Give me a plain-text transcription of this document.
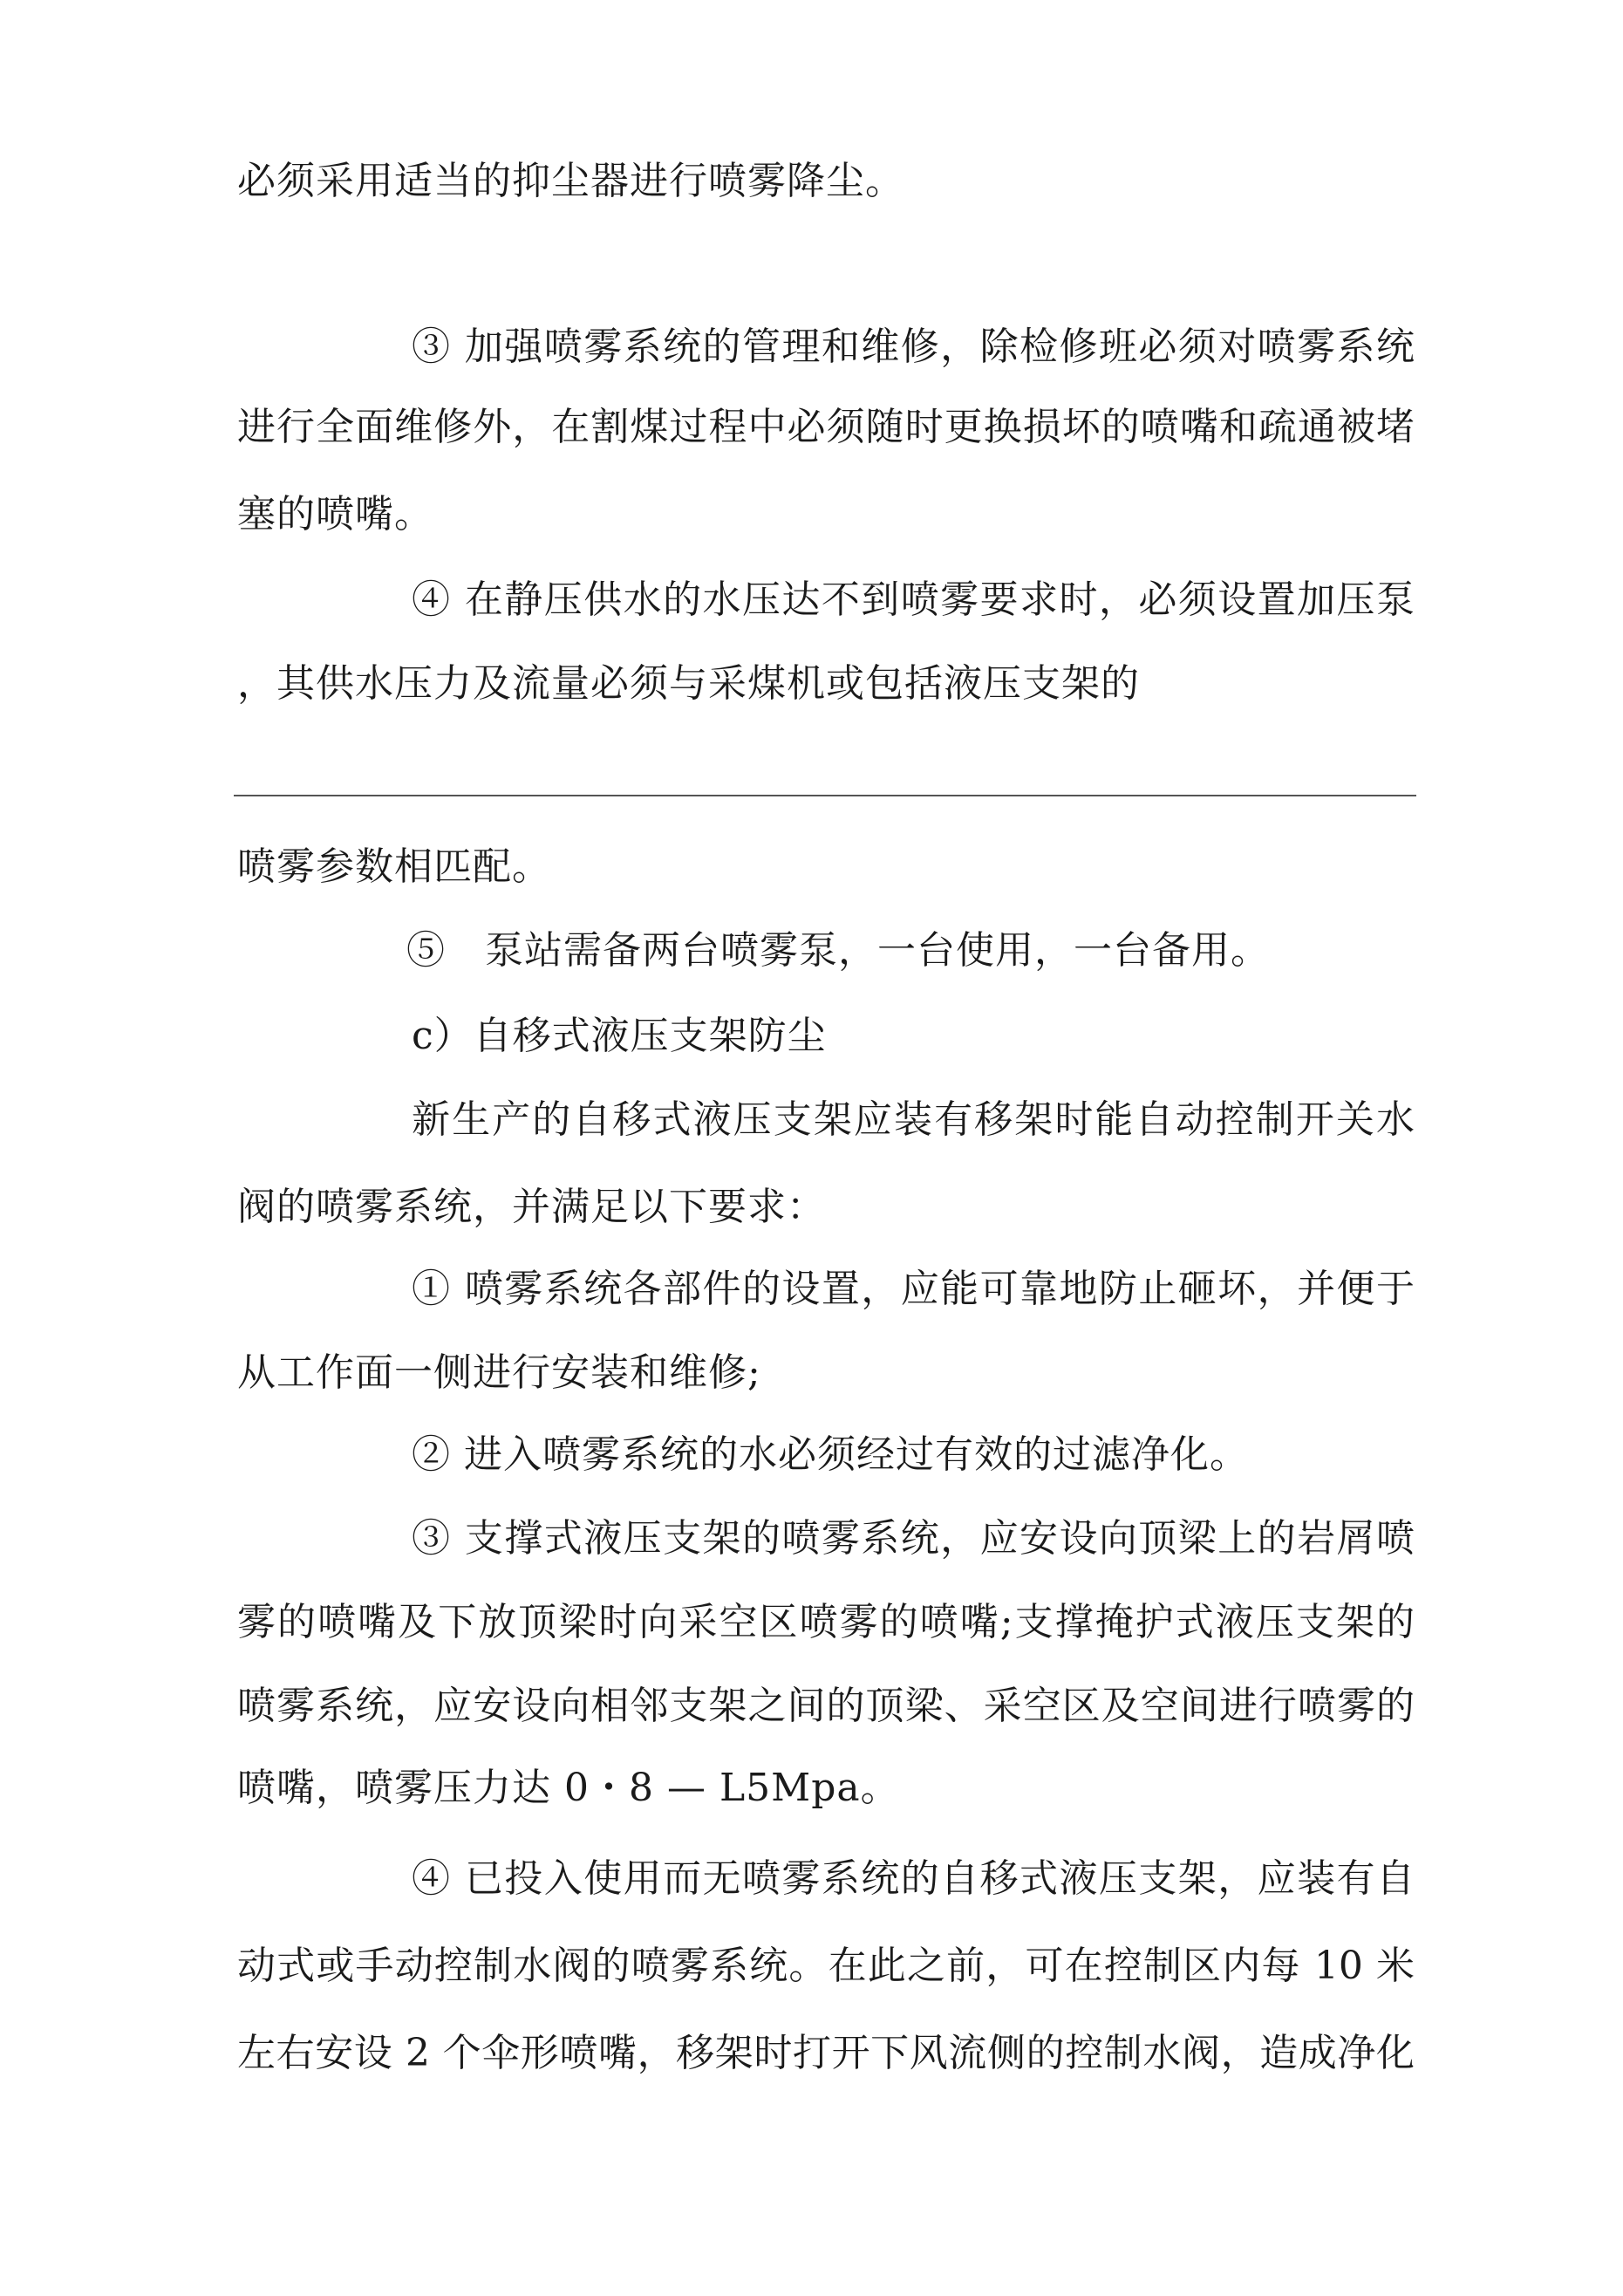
必须采用适当的抑尘器进行喷雾降尘。
③ 加强喷雾系统的管理和维修，除检修班必须对喷雾系统
进行全面维修外，在割煤过程中必须随时更换损坏的喷嘴和疏通被堵
塞的喷嘴。
④ 在静压供水的水压达不到喷雾要求时，必须设置加压泵
，其供水压力及流量必须与采煤机或包括液压支架的
喷雾参数相匹配。
⑤　泵站需备两台喷雾泵，一台使用，一台备用。
c）自移式液压支架防尘
新生产的自移式液压支架应装有移架时能自动控制开关水
阀的喷雾系统，并满足以下要求：
① 喷雾系统各部件的设置，应能可靠地防止砸坏，并便于
从工作面一侧进行安装和维修;
② 进入喷雾系统的水必须经过有效的过滤净化。
③ 支撑式液压支架的喷雾系统，应安设向顶梁上的岩屑喷
雾的喷嘴及下放顶梁时向采空区喷雾的喷嘴;支撑掩护式液压支架的
喷雾系统，应安设向相邻支架之间的顶梁、采空区及空间进行喷雾的
喷嘴，喷雾压力达 0・8 — L5Mpa。
④ 已投入使用而无喷雾系统的自移式液压支架，应装有自
动式或手动控制水阀的喷雾系统。在此之前，可在控制区内每 10 米
左右安设 2 个伞形喷嘴，移架时打开下风流侧的控制水阀，造成净化
